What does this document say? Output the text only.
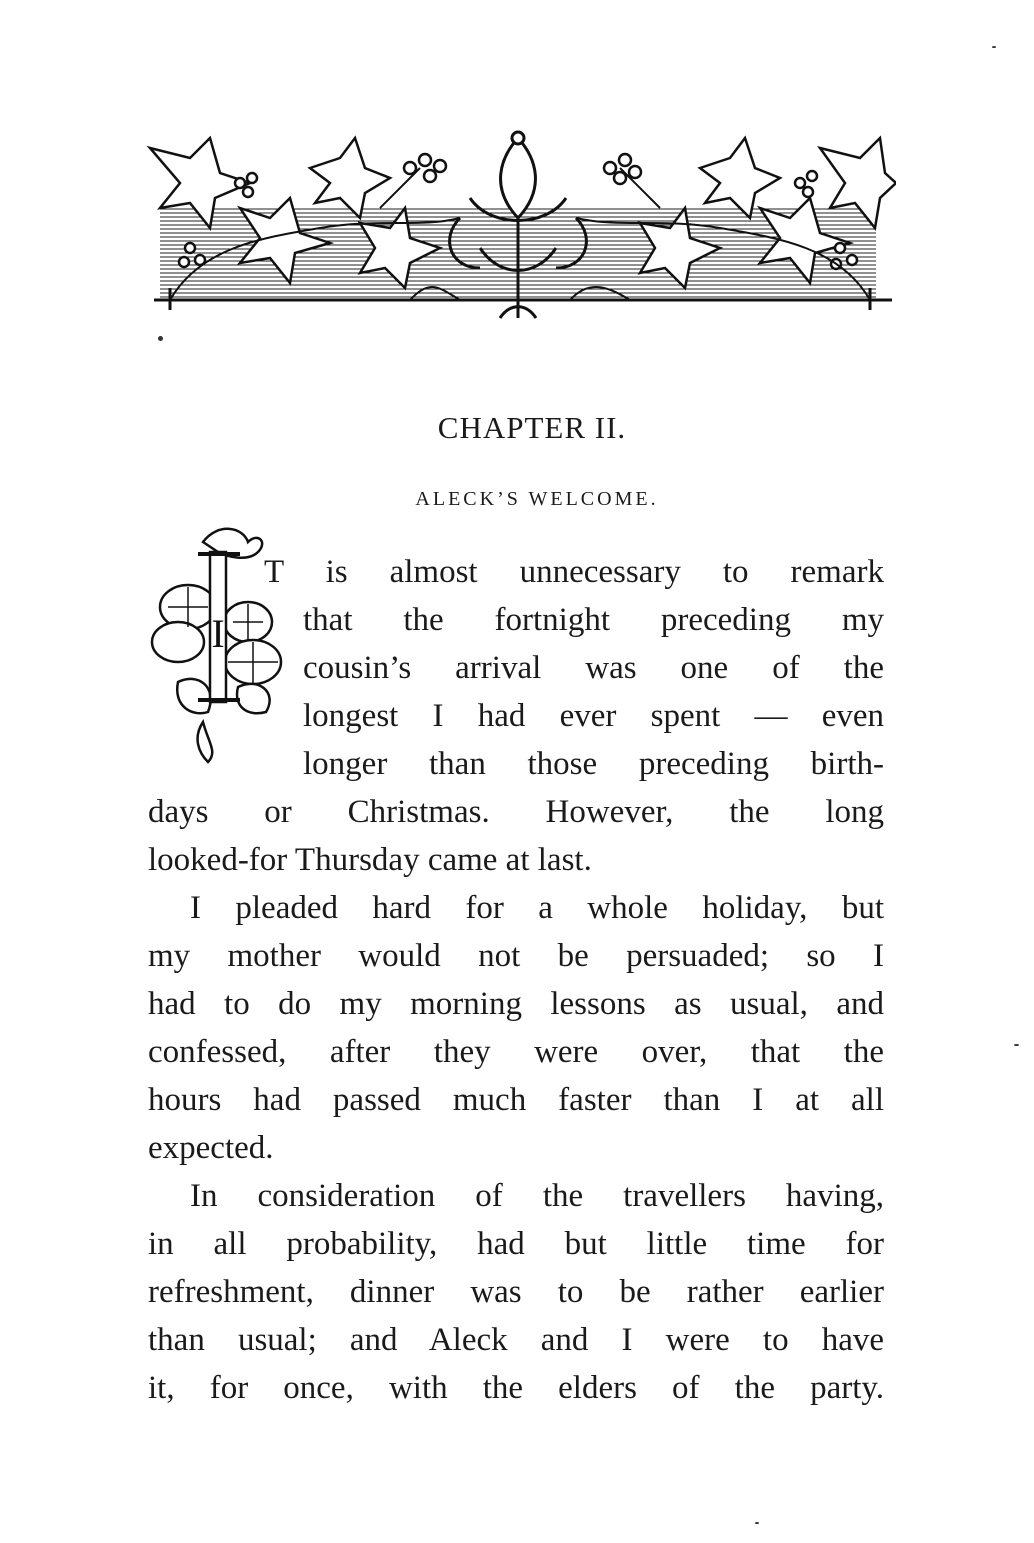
CHAPTER II.
ALECK’S WELCOME.
I
T is almost unnecessary to remark
that the fortnight preceding my
cousin’s arrival was one of the
longest I had ever spent — even
longer than those preceding birth-
days or Christmas. However, the long
looked-for Thursday came at last.
I pleaded hard for a whole holiday, but
my mother would not be persuaded; so I
had to do my morning lessons as usual, and
confessed, after they were over, that the
hours had passed much faster than I at all
expected.
In consideration of the travellers having,
in all probability, had but little time for
refreshment, dinner was to be rather earlier
than usual; and Aleck and I were to have
it, for once, with the elders of the party.
